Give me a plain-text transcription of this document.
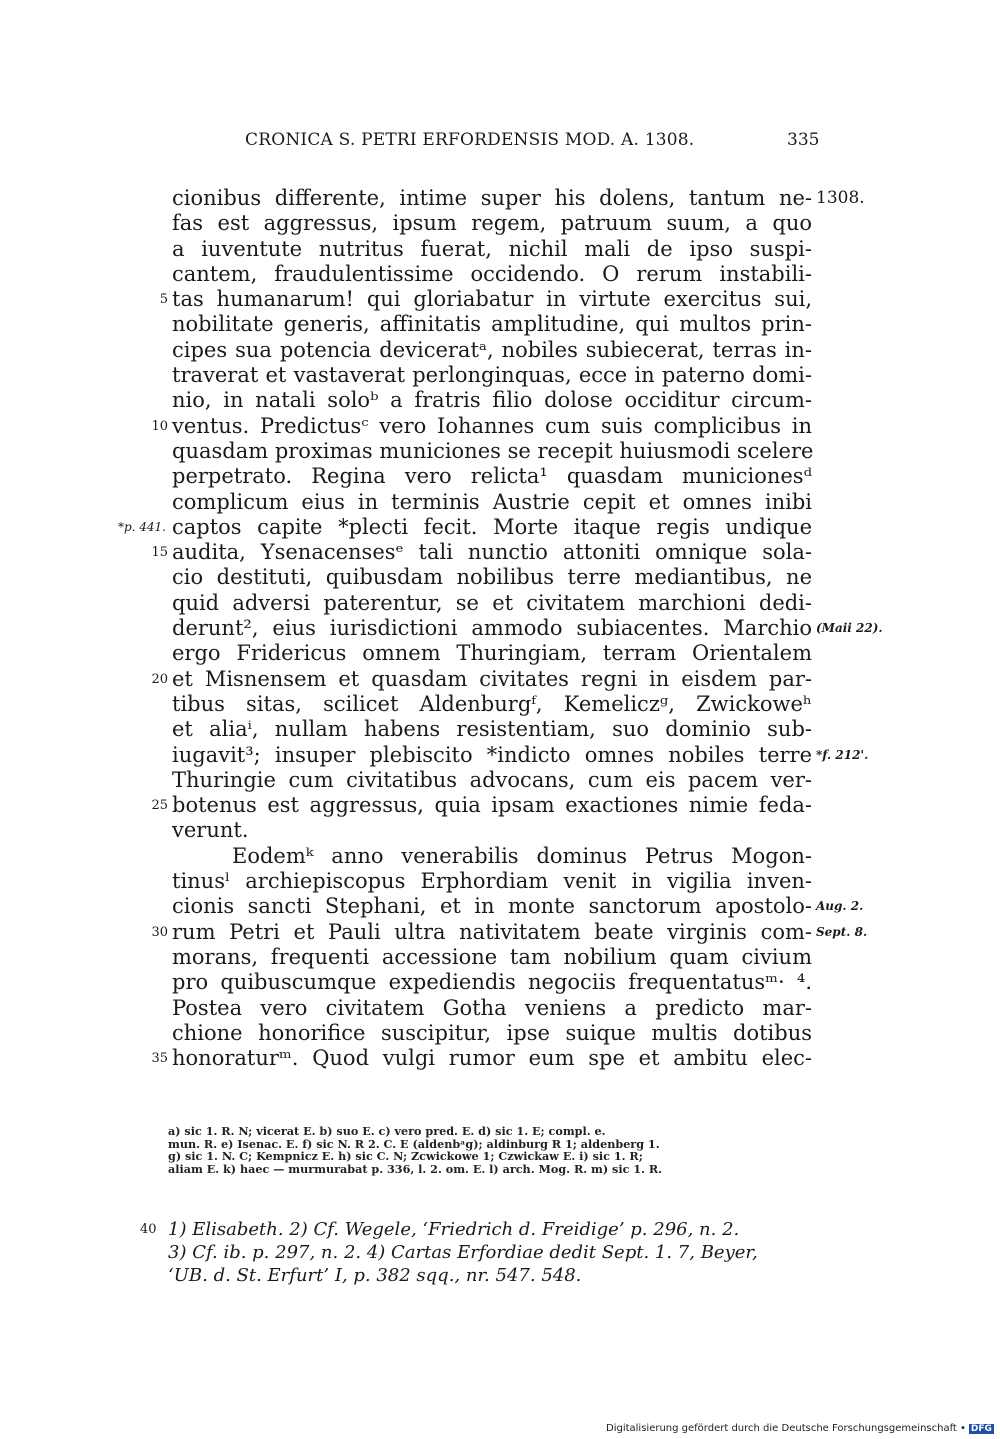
CRONICA S. PETRI ERFORDENSIS MOD. A. 1308.	335
cionibus differente, intime super his dolens, tantum ne- 1308.
fas est aggressus, ipsum regem, patruum suum, a quo
a iuventute nutritus fuerat, nichil mali de ipso suspi-
cantem, fraudulentissime occidendo. O rerum instabili-
tas humanarum! qui gloriabatur in virtute exercitus sui,
5
nobilitate generis, affinitatis amplitudine, qui multos prin-
cipes sua potencia deviceratᵃ, nobiles subiecerat, terras in-
traverat et vastaverat perlonginquas, ecce in paterno domi-
nio, in natali soloᵇ a fratris filio dolose occiditur circum-
ventus. Predictusᶜ vero Iohannes cum suis complicibus in
10
quasdam proximas municiones se recepit huiusmodi scelere
perpetrato. Regina vero relicta¹ quasdam municionesᵈ
complicum eius in terminis Austrie cepit et omnes inibi
captos capite *plecti fecit. Morte itaque regis undique
*p. 441.
audita, Ysenacensesᵉ tali nunctio attoniti omnique sola-
15
cio destituti, quibusdam nobilibus terre mediantibus, ne
quid adversi paterentur, se et civitatem marchioni dedi-
derunt², eius iurisdictioni ammodo subiacentes. Marchio (Maii 22).
ergo Fridericus omnem Thuringiam, terram Orientalem
et Misnensem et quasdam civitates regni in eisdem par-
20
tibus sitas, scilicet Aldenburgᶠ, Kemeliczᵍ, Zwickoweʰ
et aliaⁱ, nullam habens resistentiam, suo dominio sub-
iugavit³; insuper plebiscito *indicto omnes nobiles terre *f. 212'.
Thuringie cum civitatibus advocans, cum eis pacem ver-
botenus est aggressus, quia ipsam exactiones nimie feda-
25
verunt.
Eodemᵏ anno venerabilis dominus Petrus Mogon-
tinusˡ archiepiscopus Erphordiam venit in vigilia inven-
cionis sancti Stephani, et in monte sanctorum apostolo- Aug. 2.
rum Petri et Pauli ultra nativitatem beate virginis com-
30	Sept. 8.
morans, frequenti accessione tam nobilium quam civium
pro quibuscumque expediendis negociis frequentatusᵐ· ⁴.
Postea vero civitatem Gotha veniens a predicto mar-
chione honorifice suscipitur, ipse suique multis dotibus
honoraturᵐ. Quod vulgi rumor eum spe et ambitu elec-
35
a) sic 1. R. N; vicerat E. b) suo E. c) vero pred. E. d) sic 1. E; compl. e.
mun. R. e) Isenac. E. f) sic N. R 2. C. E (aldenbᵃg); aldinburg R 1; aldenberg 1.
g) sic 1. N. C; Kempnicz E. h) sic C. N; Zcwickowe 1; Czwickaw E. i) sic 1. R;
aliam E. k) haec — murmurabat p. 336, l. 2. om. E. l) arch. Mog. R. m) sic 1. R.
40 1) Elisabeth. 2) Cf. Wegele, ‘Friedrich d. Freidige’ p. 296, n. 2.
3) Cf. ib. p. 297, n. 2. 4) Cartas Erfordiae dedit Sept. 1. 7, Beyer,
‘UB. d. St. Erfurt’ I, p. 382 sqq., nr. 547. 548.
Digitalisierung gefördert durch die Deutsche Forschungsgemeinschaft • DFG
